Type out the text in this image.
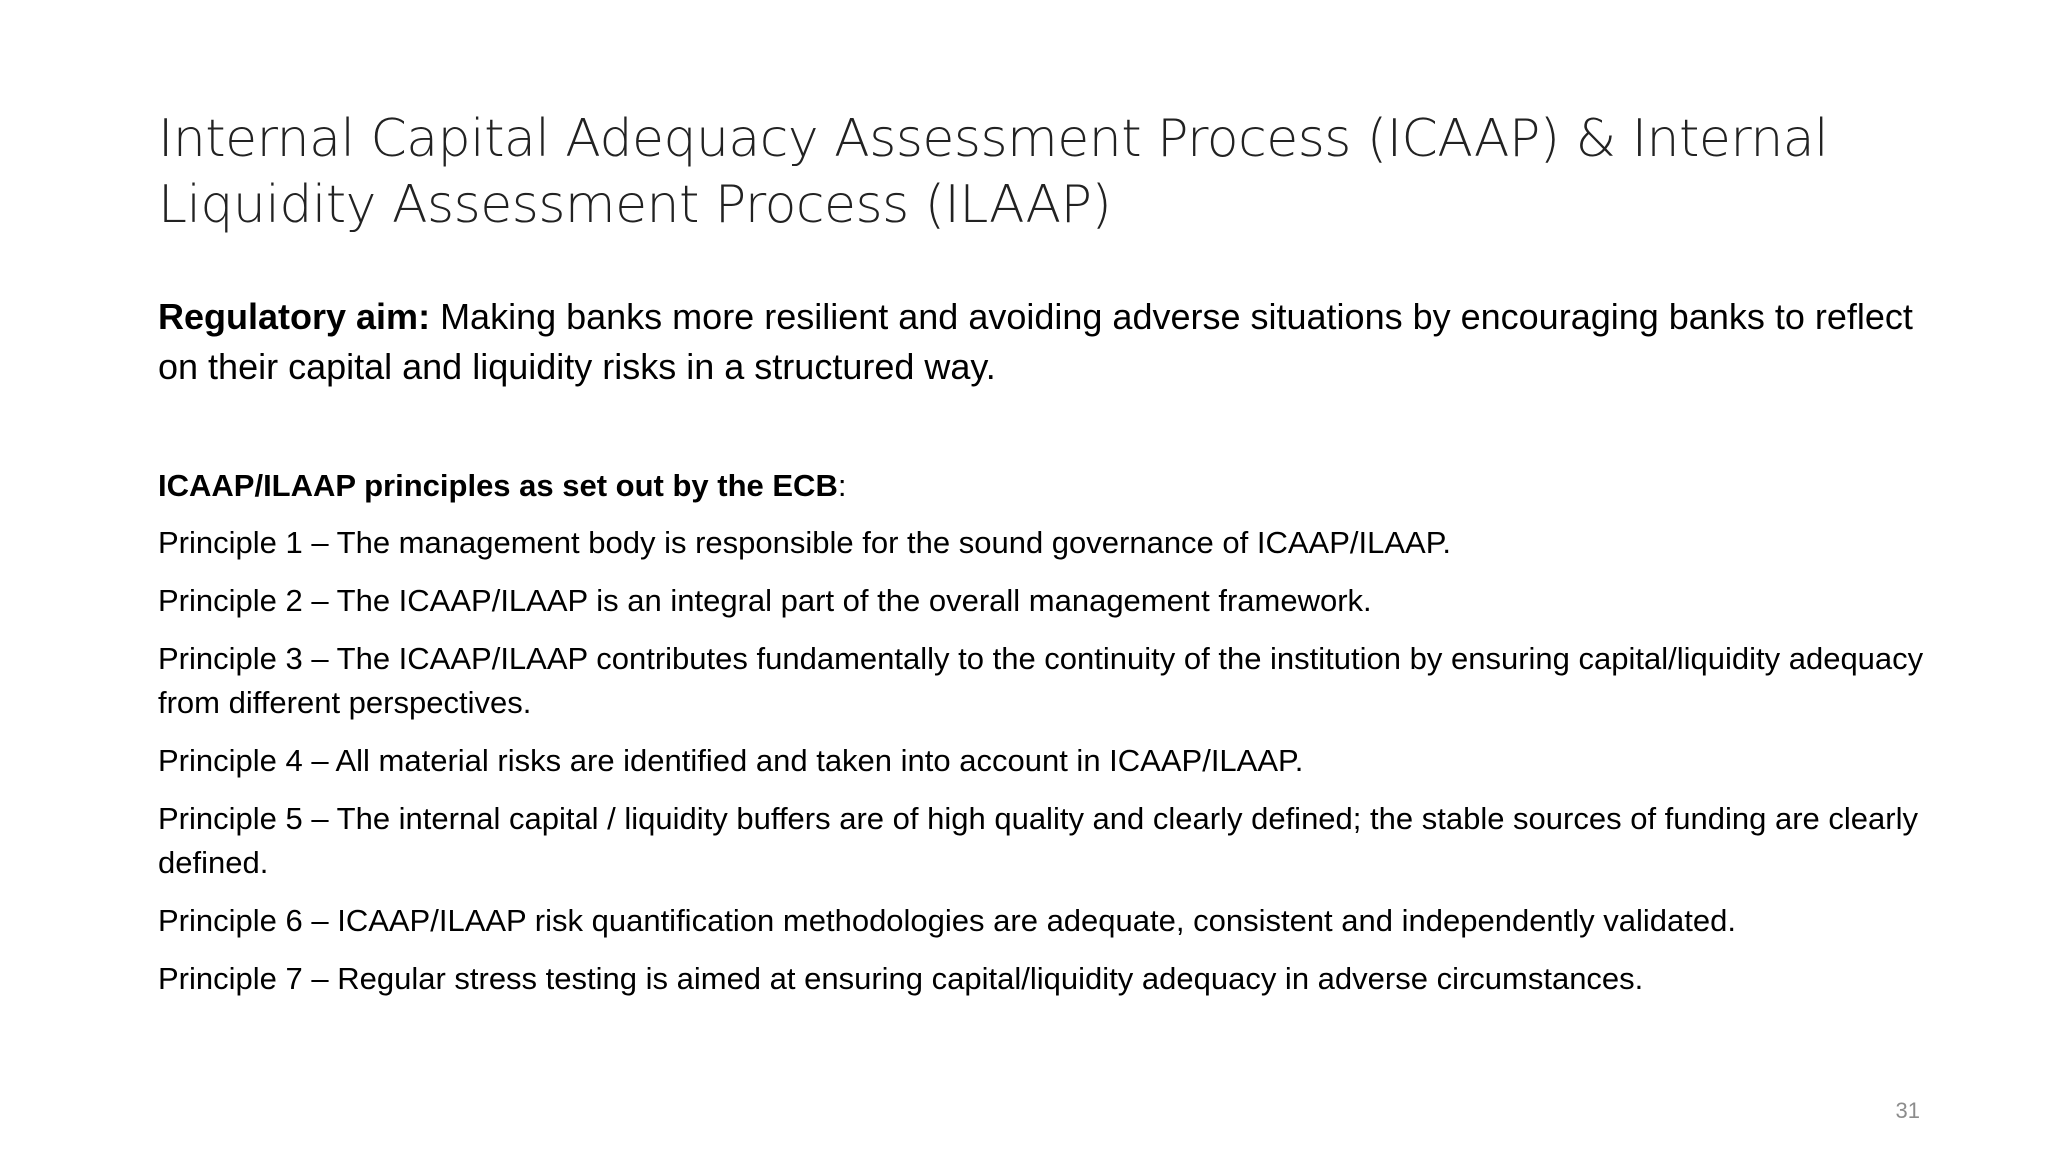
Internal Capital Adequacy Assessment Process (ICAAP) & Internal Liquidity Assessment Process (ILAAP)

Regulatory aim: Making banks more resilient and avoiding adverse situations by encouraging banks to reflect on their capital and liquidity risks in a structured way.

ICAAP/ILAAP principles as set out by the ECB:

Principle 1 – The management body is responsible for the sound governance of ICAAP/ILAAP.

Principle 2 – The ICAAP/ILAAP is an integral part of the overall management framework.

Principle 3 – The ICAAP/ILAAP contributes fundamentally to the continuity of the institution by ensuring capital/liquidity adequacy from different perspectives.

Principle 4 – All material risks are identified and taken into account in ICAAP/ILAAP.

Principle 5 – The internal capital / liquidity buffers are of high quality and clearly defined; the stable sources of funding are clearly defined.

Principle 6 – ICAAP/ILAAP risk quantification methodologies are adequate, consistent and independently validated.

Principle 7 – Regular stress testing is aimed at ensuring capital/liquidity adequacy in adverse circumstances.

31
